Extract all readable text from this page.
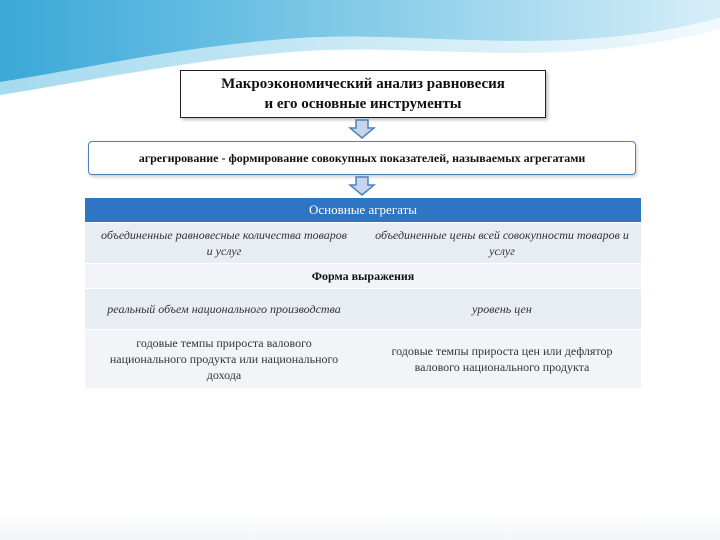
Макроэкономический анализ равновесия
и его основные инструменты
агрегирование - формирование совокупных показателей, называемых агрегатами
Основные агрегаты
объединенные равновесные количества товаров и услуг
объединенные цены всей совокупности товаров и услуг
Форма выражения
реальный объем национального производства	уровень цен
годовые темпы прироста валового национального продукта или национального дохода
годовые темпы прироста цен или дефлятор валового национального продукта
